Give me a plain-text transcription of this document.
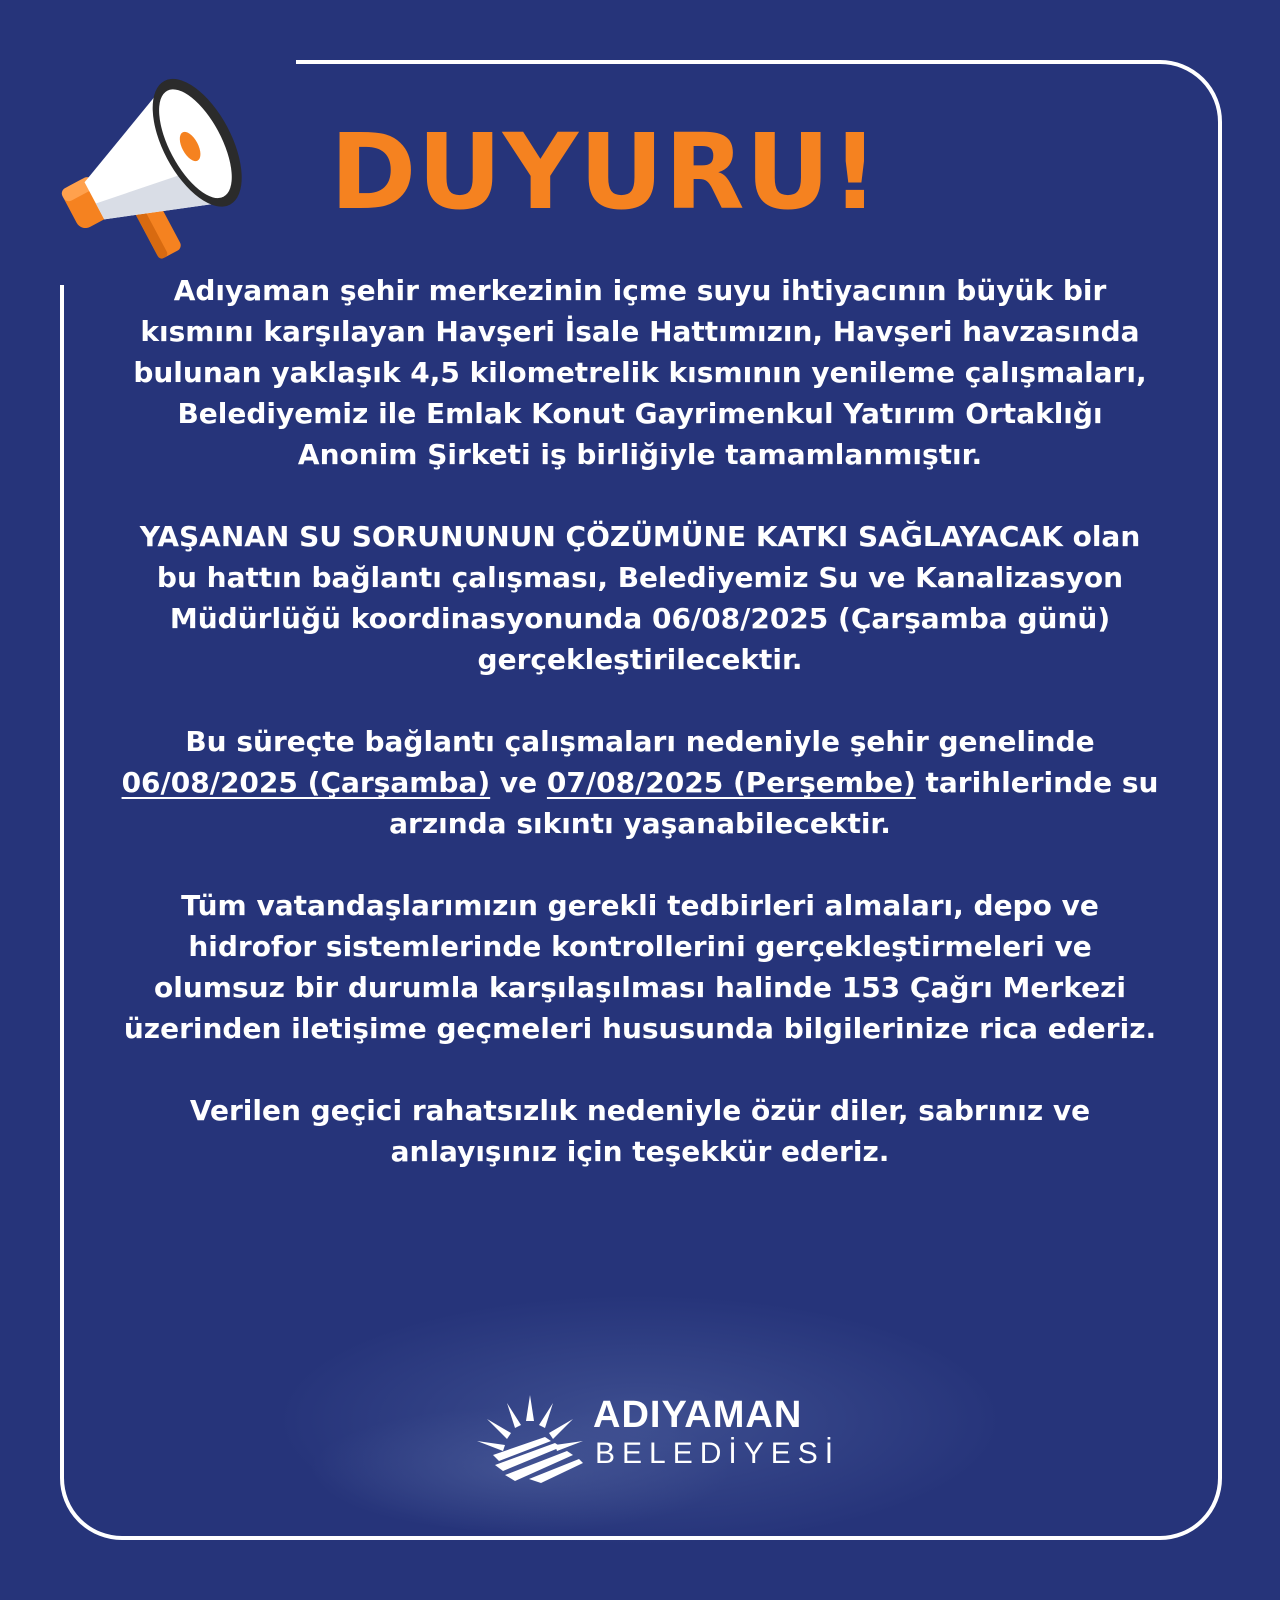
DUYURU!

Adıyaman şehir merkezinin içme suyu ihtiyacının büyük bir kısmını karşılayan Havşeri İsale Hattımızın, Havşeri havzasında bulunan yaklaşık 4,5 kilometrelik kısmının yenileme çalışmaları, Belediyemiz ile Emlak Konut Gayrimenkul Yatırım Ortaklığı Anonim Şirketi iş birliğiyle tamamlanmıştır.

YAŞANAN SU SORUNUNUN ÇÖZÜMÜNE KATKI SAĞLAYACAK olan bu hattın bağlantı çalışması, Belediyemiz Su ve Kanalizasyon Müdürlüğü koordinasyonunda 06/08/2025 (Çarşamba günü) gerçekleştirilecektir.

Bu süreçte bağlantı çalışmaları nedeniyle şehir genelinde 06/08/2025 (Çarşamba) ve 07/08/2025 (Perşembe) tarihlerinde su arzında sıkıntı yaşanabilecektir.

Tüm vatandaşlarımızın gerekli tedbirleri almaları, depo ve hidrofor sistemlerinde kontrollerini gerçekleştirmeleri ve olumsuz bir durumla karşılaşılması halinde 153 Çağrı Merkezi üzerinden iletişime geçmeleri hususunda bilgilerinize rica ederiz.

Verilen geçici rahatsızlık nedeniyle özür diler, sabrınız ve anlayışınız için teşekkür ederiz.

ADIYAMAN
BELEDİYESİ
